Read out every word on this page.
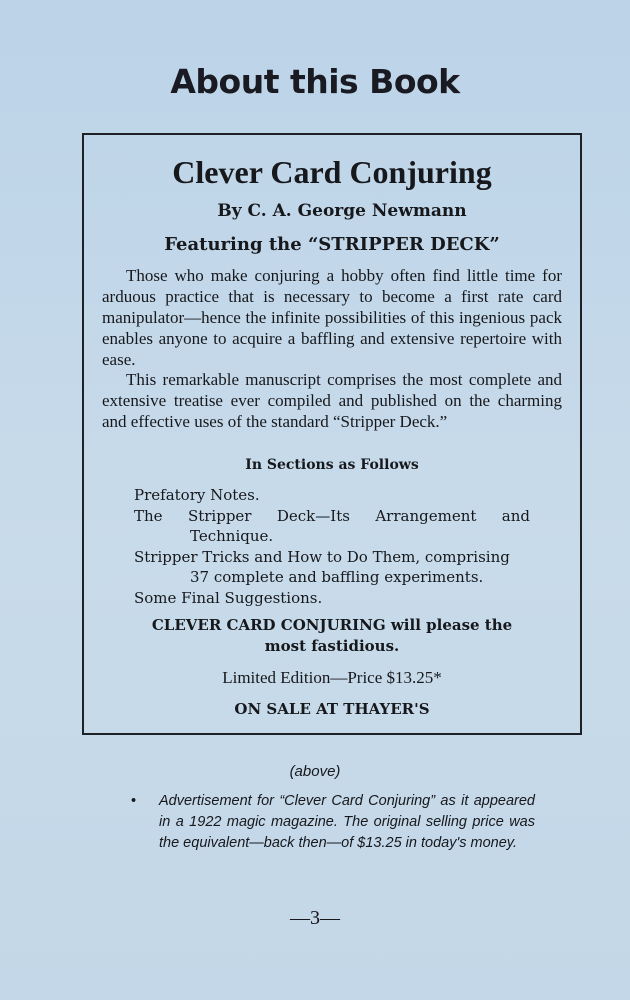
About this Book
Clever Card Conjuring
By C. A. George Newmann
Featuring the “STRIPPER DECK”
Those who make conjuring a hobby often find little time for arduous practice that is necessary to become a first rate card manipulator—hence the infinite possibilities of this ingenious pack enables anyone to acquire a baffling and extensive repertoire with ease.
This remarkable manuscript comprises the most complete and extensive treatise ever compiled and published on the charming and effective uses of the standard “Stripper Deck.”
In Sections as Follows
Prefatory Notes.
The Stripper Deck—Its Arrangement and
Technique.
Stripper Tricks and How to Do Them, comprising
37 complete and baffling experiments.
Some Final Suggestions.
CLEVER CARD CONJURING will please the
most fastidious.
Limited Edition—Price $13.25*
ON SALE AT THAYER'S
(above)
•	Advertisement for “Clever Card Conjuring” as it appeared in a 1922 magic magazine. The original selling price was the equivalent—back then—of $13.25 in today's money.
—3—
